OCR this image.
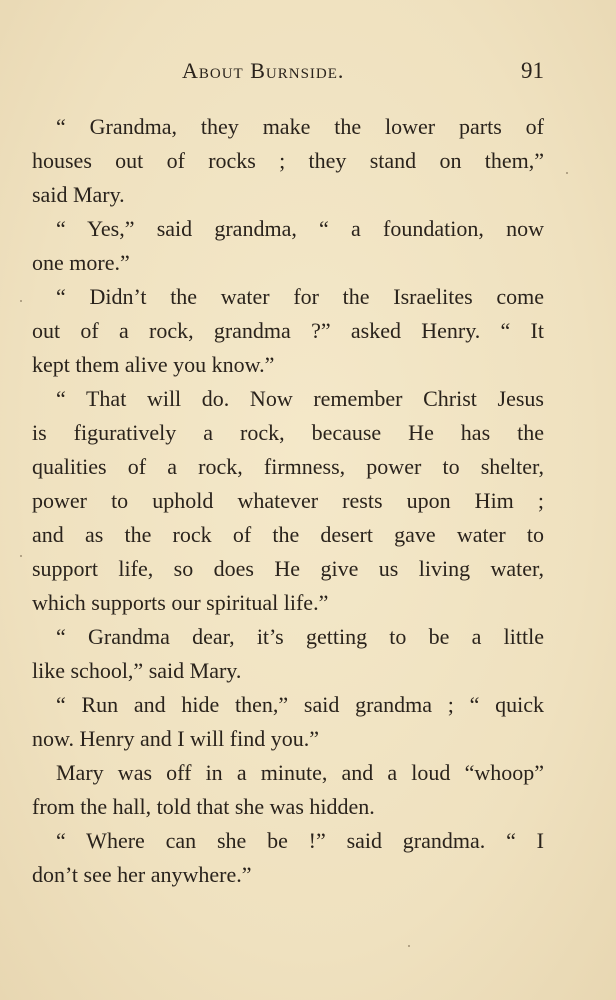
About Burnside.	91
“ Grandma, they make the lower parts of
houses out of rocks ; they stand on them,”
said Mary.
“ Yes,” said grandma, “ a foundation, now
one more.”
“ Didn’t the water for the Israelites come
out of a rock, grandma ?” asked Henry. “ It
kept them alive you know.”
“ That will do. Now remember Christ Jesus
is figuratively a rock, because He has the
qualities of a rock, firmness, power to shelter,
power to uphold whatever rests upon Him ;
and as the rock of the desert gave water to
support life, so does He give us living water,
which supports our spiritual life.”
“ Grandma dear, it’s getting to be a little
like school,” said Mary.
“ Run and hide then,” said grandma ; “ quick
now. Henry and I will find you.”
Mary was off in a minute, and a loud “whoop”
from the hall, told that she was hidden.
“ Where can she be !” said grandma. “ I
don’t see her anywhere.”
